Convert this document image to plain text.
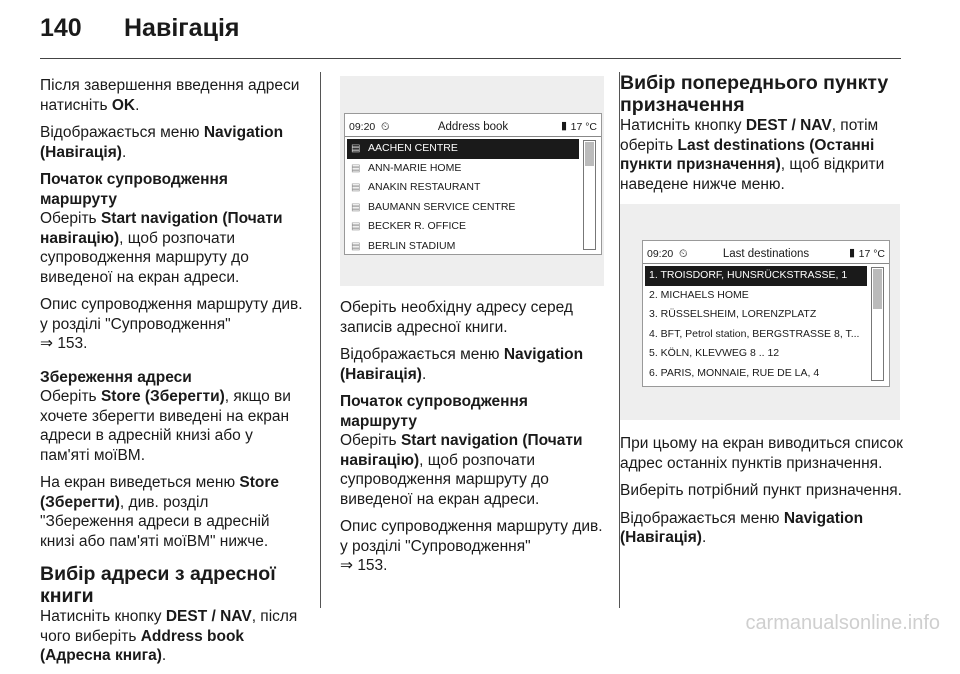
140 Навігація

Після завершення введення адреси натисніть OK.

Відображається меню Navigation (Навігація).

Початок супроводження маршруту

Оберіть Start navigation (Почати навігацію), щоб розпочати супроводження маршруту до виведеної на екран адреси.

Опис супроводження маршруту див. у розділі "Супроводження"
⇒ 153.

Збереження адреси

Оберіть Store (Зберегти), якщо ви хочете зберегти виведені на екран адреси в адресній книзі або у пам'яті моїВМ.

На екран виведеться меню Store (Зберегти), див. розділ "Збереження адреси в адресній книзі або пам'яті моїВМ" нижче.

Вибір адреси з адресної книги

Натисніть кнопку DEST / NAV, після чого виберіть Address book (Адресна книга).

09:20 ⏲	Address book	▮ 17 °C
▤ AACHEN CENTRE
▤ ANN-MARIE HOME
▤ ANAKIN RESTAURANT
▤ BAUMANN SERVICE CENTRE
▤ BECKER R. OFFICE
▤ BERLIN STADIUM

Оберіть необхідну адресу серед записів адресної книги.

Відображається меню Navigation (Навігація).

Початок супроводження маршруту

Оберіть Start navigation (Почати навігацію), щоб розпочати супроводження маршруту до виведеної на екран адреси.

Опис супроводження маршруту див. у розділі "Супроводження"
⇒ 153.

Вибір попереднього пункту призначення

Натисніть кнопку DEST / NAV, потім оберіть Last destinations (Останні пункти призначення), щоб відкрити наведене нижче меню.

09:20 ⏲	Last destinations	▮ 17 °C
1. TROISDORF, HUNSRÜCKSTRASSE, 1
2. MICHAELS HOME
3. RÜSSELSHEIM, LORENZPLATZ
4. BFT, Petrol station, BERGSTRASSE 8, T...
5. KÖLN, KLEVWEG 8 .. 12
6. PARIS, MONNAIE, RUE DE LA, 4

При цьому на екран виводиться список адрес останніх пунктів призначення.

Виберіть потрібний пункт призначення.

Відображається меню Navigation (Навігація).

carmanualsonline.info
